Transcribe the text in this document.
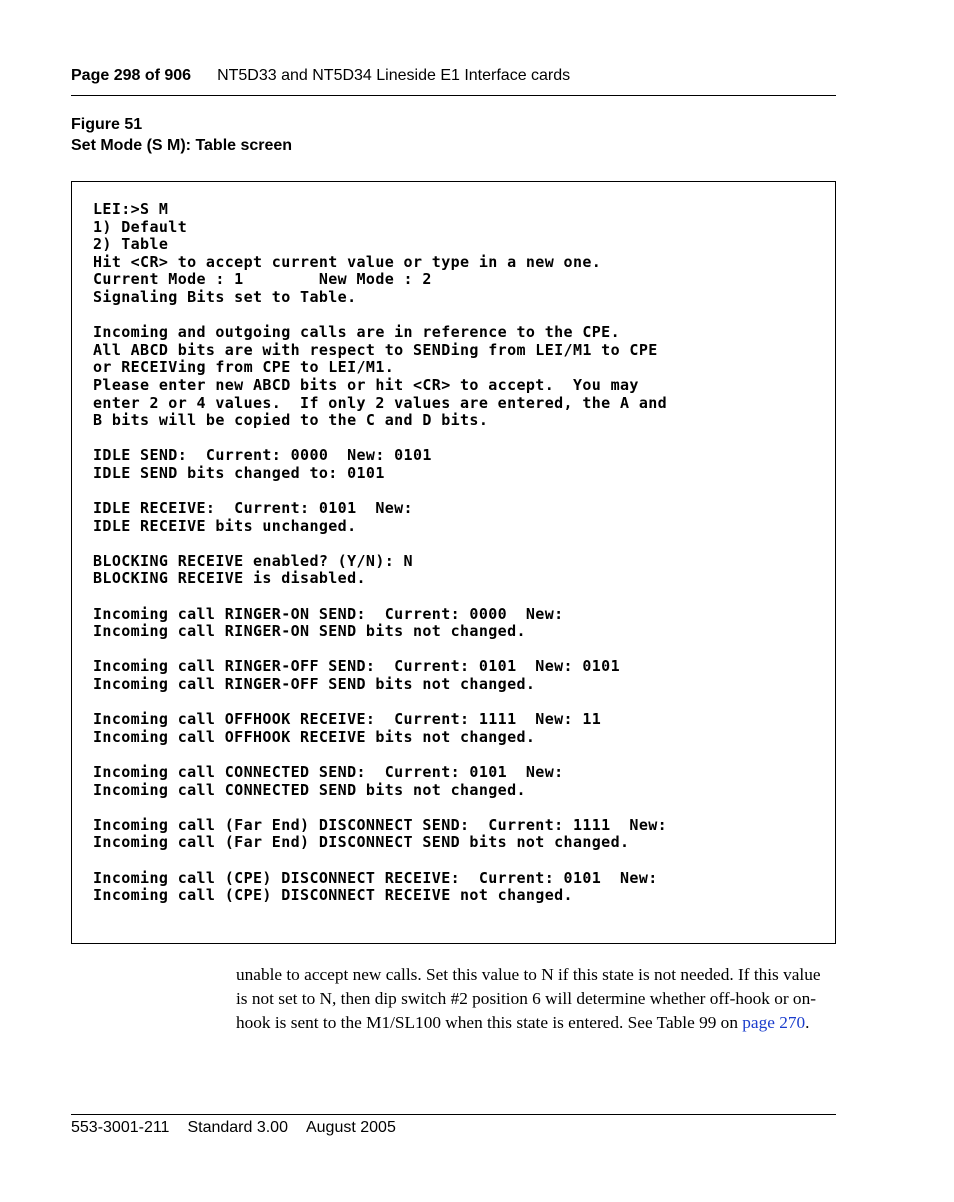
Page 298 of 906 NT5D33 and NT5D34 Lineside E1 Interface cards
Figure 51
Set Mode (S M): Table screen
LEI:>S M
1) Default
2) Table
Hit <CR> to accept current value or type in a new one.
Current Mode : 1        New Mode : 2
Signaling Bits set to Table.

Incoming and outgoing calls are in reference to the CPE.
All ABCD bits are with respect to SENDing from LEI/M1 to CPE
or RECEIVing from CPE to LEI/M1.
Please enter new ABCD bits or hit <CR> to accept.  You may
enter 2 or 4 values.  If only 2 values are entered, the A and
B bits will be copied to the C and D bits.

IDLE SEND:  Current: 0000  New: 0101
IDLE SEND bits changed to: 0101

IDLE RECEIVE:  Current: 0101  New:
IDLE RECEIVE bits unchanged.

BLOCKING RECEIVE enabled? (Y/N): N
BLOCKING RECEIVE is disabled.

Incoming call RINGER-ON SEND:  Current: 0000  New:
Incoming call RINGER-ON SEND bits not changed.

Incoming call RINGER-OFF SEND:  Current: 0101  New: 0101
Incoming call RINGER-OFF SEND bits not changed.

Incoming call OFFHOOK RECEIVE:  Current: 1111  New: 11
Incoming call OFFHOOK RECEIVE bits not changed.

Incoming call CONNECTED SEND:  Current: 0101  New:
Incoming call CONNECTED SEND bits not changed.

Incoming call (Far End) DISCONNECT SEND:  Current: 1111  New:
Incoming call (Far End) DISCONNECT SEND bits not changed.

Incoming call (CPE) DISCONNECT RECEIVE:  Current: 0101  New:
Incoming call (CPE) DISCONNECT RECEIVE not changed.

unable to accept new calls. Set this value to N if this state is not needed. If this value is not set to N, then dip switch #2 position 6 will determine whether off-hook or on-hook is sent to the M1/SL100 when this state is entered. See Table 99 on page 270.
553-3001-211 Standard 3.00 August 2005
